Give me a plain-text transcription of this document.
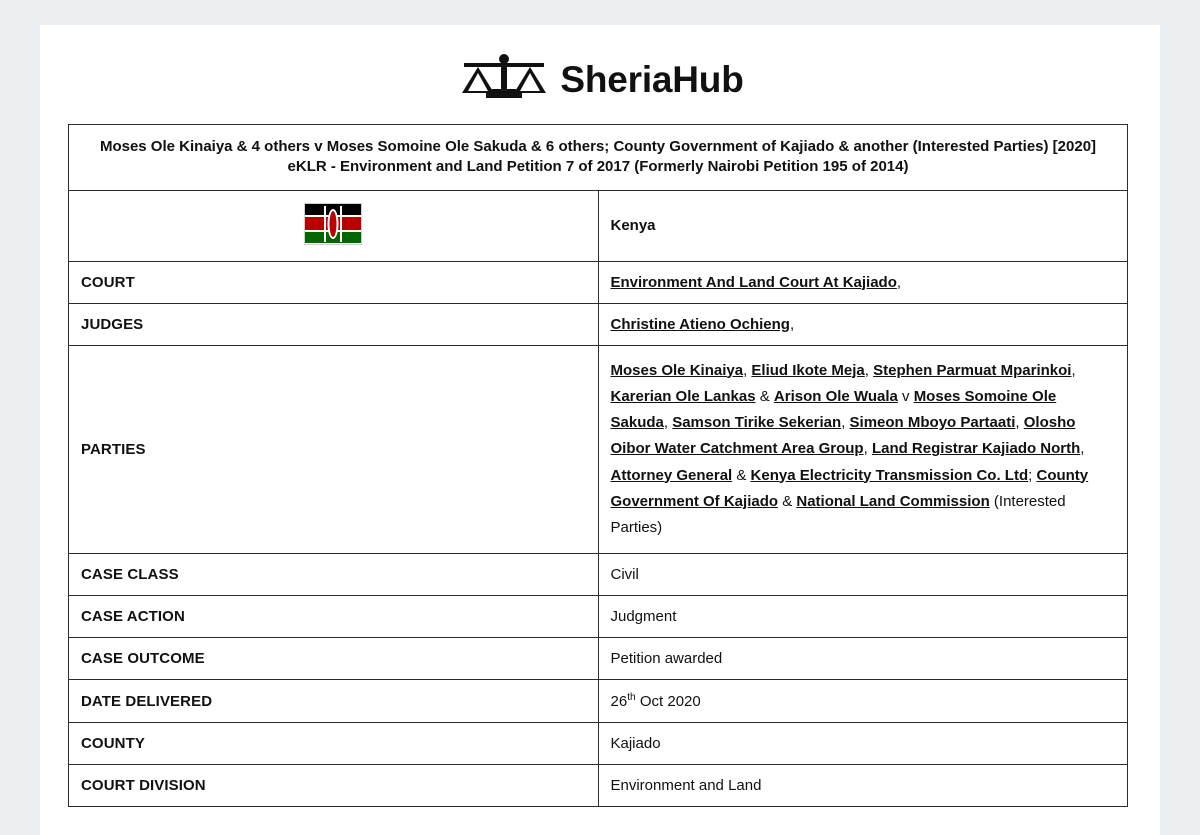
SheriaHub
Moses Ole Kinaiya & 4 others v Moses Somoine Ole Sakuda & 6 others; County Government of Kajiado & another (Interested Parties) [2020] eKLR - Environment and Land Petition 7 of 2017 (Formerly Nairobi Petition 195 of 2014)	

	Kenya
COURT	Environment And Land Court At Kajiado,
JUDGES	Christine Atieno Ochieng,
PARTIES	Moses Ole Kinaiya, Eliud Ikote Meja, Stephen Parmuat Mparinkoi, Karerian Ole Lankas & Arison Ole Wuala v Moses Somoine Ole Sakuda, Samson Tirike Sekerian, Simeon Mboyo Partaati, Olosho Oibor Water Catchment Area Group, Land Registrar Kajiado North, Attorney General & Kenya Electricity Transmission Co. Ltd; County Government Of Kajiado & National Land Commission (Interested Parties)
CASE CLASS	Civil
CASE ACTION	Judgment
CASE OUTCOME	Petition awarded
DATE DELIVERED	26th Oct 2020
COUNTY	Kajiado
COURT DIVISION	Environment and Land
